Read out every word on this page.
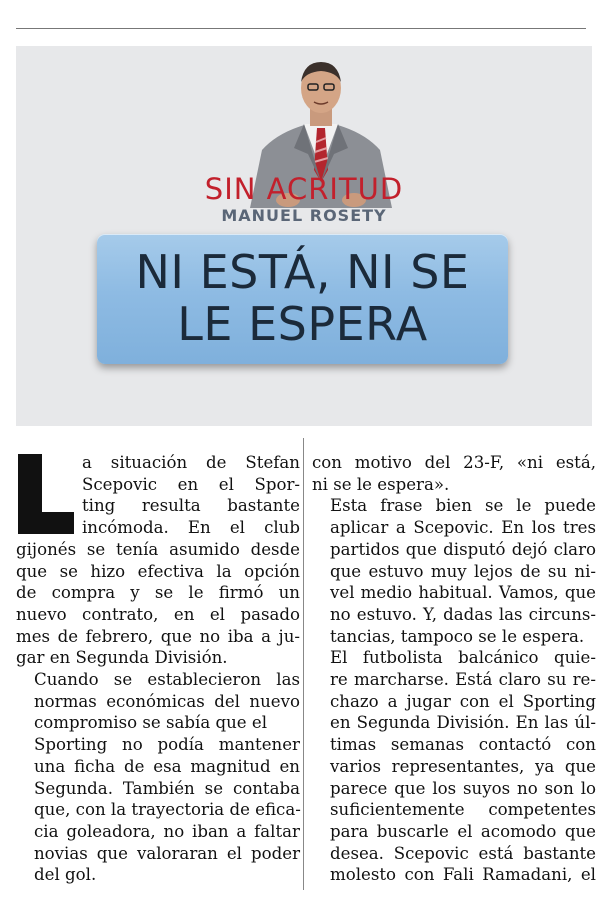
SIN ACRITUD
MANUEL ROSETY
NI ESTÁ, NI SE
LE ESPERA

a situación de Stefan
Scepovic en el Spor-
ting resulta bastante
incómoda. En el club
gijonés se tenía asumido desde
que se hizo efectiva la opción
de compra y se le firmó un
nuevo contrato, en el pasado
mes de febrero, que no iba a ju-
gar en Segunda División.

Cuando se establecieron las
normas económicas del nuevo
compromiso se sabía que el
Sporting no podía mantener
una ficha de esa magnitud en
Segunda. También se contaba
que, con la trayectoria de efica-
cia goleadora, no iban a faltar
novias que valoraran el poder
del gol.

con motivo del 23-F, «ni está,
ni se le espera».

Esta frase bien se le puede
aplicar a Scepovic. En los tres
partidos que disputó dejó claro
que estuvo muy lejos de su ni-
vel medio habitual. Vamos, que
no estuvo. Y, dadas las circuns-
tancias, tampoco se le espera.

El futbolista balcánico quie-
re marcharse. Está claro su re-
chazo a jugar con el Sporting
en Segunda División. En las úl-
timas semanas contactó con
varios representantes, ya que
parece que los suyos no son lo
suficientemente competentes
para buscarle el acomodo que
desea. Scepovic está bastante
molesto con Fali Ramadani, el
